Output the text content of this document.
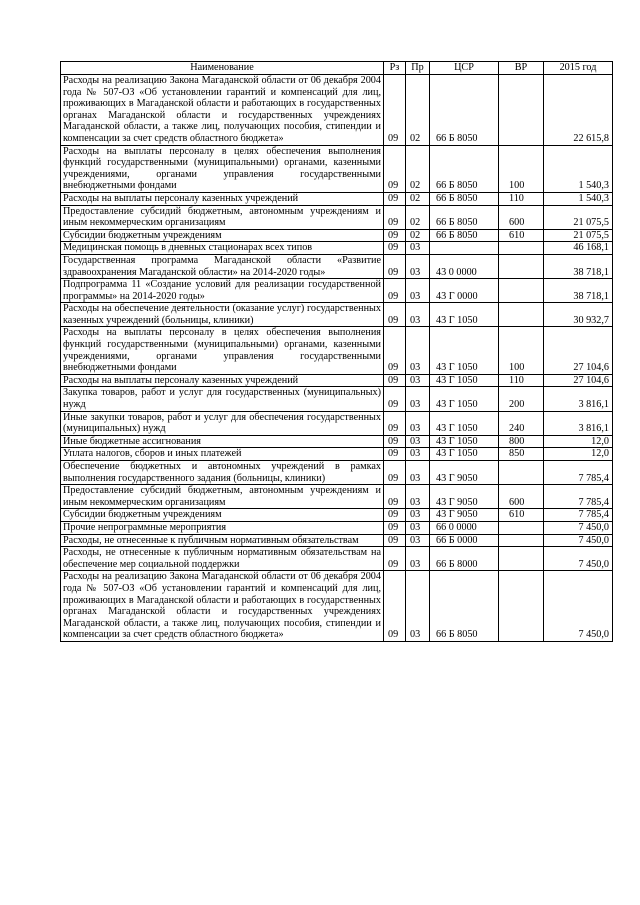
Наименование	Рз	Пр	ЦСР	ВР	2015 год
Расходы на реализацию Закона Магаданской области от 06 декабря 2004 года № 507-ОЗ «Об установлении гарантий и компенсаций для лиц, проживающих в Магаданской области и работающих в государственных органах Магаданской области и государственных учреждениях Магаданской области, а также лиц, получающих пособия, стипендии и компенсации за счет средств областного бюджета»	09	02	66 Б 8050		22 615,8
Расходы на выплаты персоналу в целях обеспечения выполнения функций государственными (муниципальными) органами, казенными учреждениями, органами управления государственными внебюджетными фондами	09	02	66 Б 8050	100	1 540,3
Расходы на выплаты персоналу казенных учреждений	09	02	66 Б 8050	110	1 540,3
Предоставление субсидий бюджетным, автономным учреждениям и иным некоммерческим организациям	09	02	66 Б 8050	600	21 075,5
Субсидии бюджетным учреждениям	09	02	66 Б 8050	610	21 075,5
Медицинская помощь в дневных стационарах всех типов	09	03			46 168,1
Государственная программа Магаданской области «Развитие здравоохранения Магаданской области» на 2014-2020 годы»	09	03	43 0 0000		38 718,1
Подпрограмма 11 «Создание условий для реализации государственной программы» на 2014-2020 годы»	09	03	43 Г 0000		38 718,1
Расходы на обеспечение деятельности (оказание услуг) государственных казенных учреждений (больницы, клиники)	09	03	43 Г 1050		30 932,7
Расходы на выплаты персоналу в целях обеспечения выполнения функций государственными (муниципальными) органами, казенными учреждениями, органами управления государственными внебюджетными фондами	09	03	43 Г 1050	100	27 104,6
Расходы на выплаты персоналу казенных учреждений	09	03	43 Г 1050	110	27 104,6
Закупка товаров, работ и услуг для государственных (муниципальных) нужд	09	03	43 Г 1050	200	3 816,1
Иные закупки товаров, работ и услуг для обеспечения государственных (муниципальных) нужд	09	03	43 Г 1050	240	3 816,1
Иные бюджетные ассигнования	09	03	43 Г 1050	800	12,0
Уплата налогов, сборов и иных платежей	09	03	43 Г 1050	850	12,0
Обеспечение бюджетных и автономных учреждений в рамках выполнения государственного задания (больницы, клиники)	09	03	43 Г 9050		7 785,4
Предоставление субсидий бюджетным, автономным учреждениям и иным некоммерческим организациям	09	03	43 Г 9050	600	7 785,4
Субсидии бюджетным учреждениям	09	03	43 Г 9050	610	7 785,4
Прочие непрограммные мероприятия	09	03	66 0 0000		7 450,0
Расходы, не отнесенные к публичным нормативным обязательствам	09	03	66 Б 0000		7 450,0
Расходы, не отнесенные к публичным нормативным обязательствам на обеспечение мер социальной поддержки	09	03	66 Б 8000		7 450,0
Расходы на реализацию Закона Магаданской области от 06 декабря 2004 года № 507-ОЗ «Об установлении гарантий и компенсаций для лиц, проживающих в Магаданской области и работающих в государственных органах Магаданской области и государственных учреждениях Магаданской области, а также лиц, получающих пособия, стипендии и компенсации за счет средств областного бюджета»	09	03	66 Б 8050		7 450,0
